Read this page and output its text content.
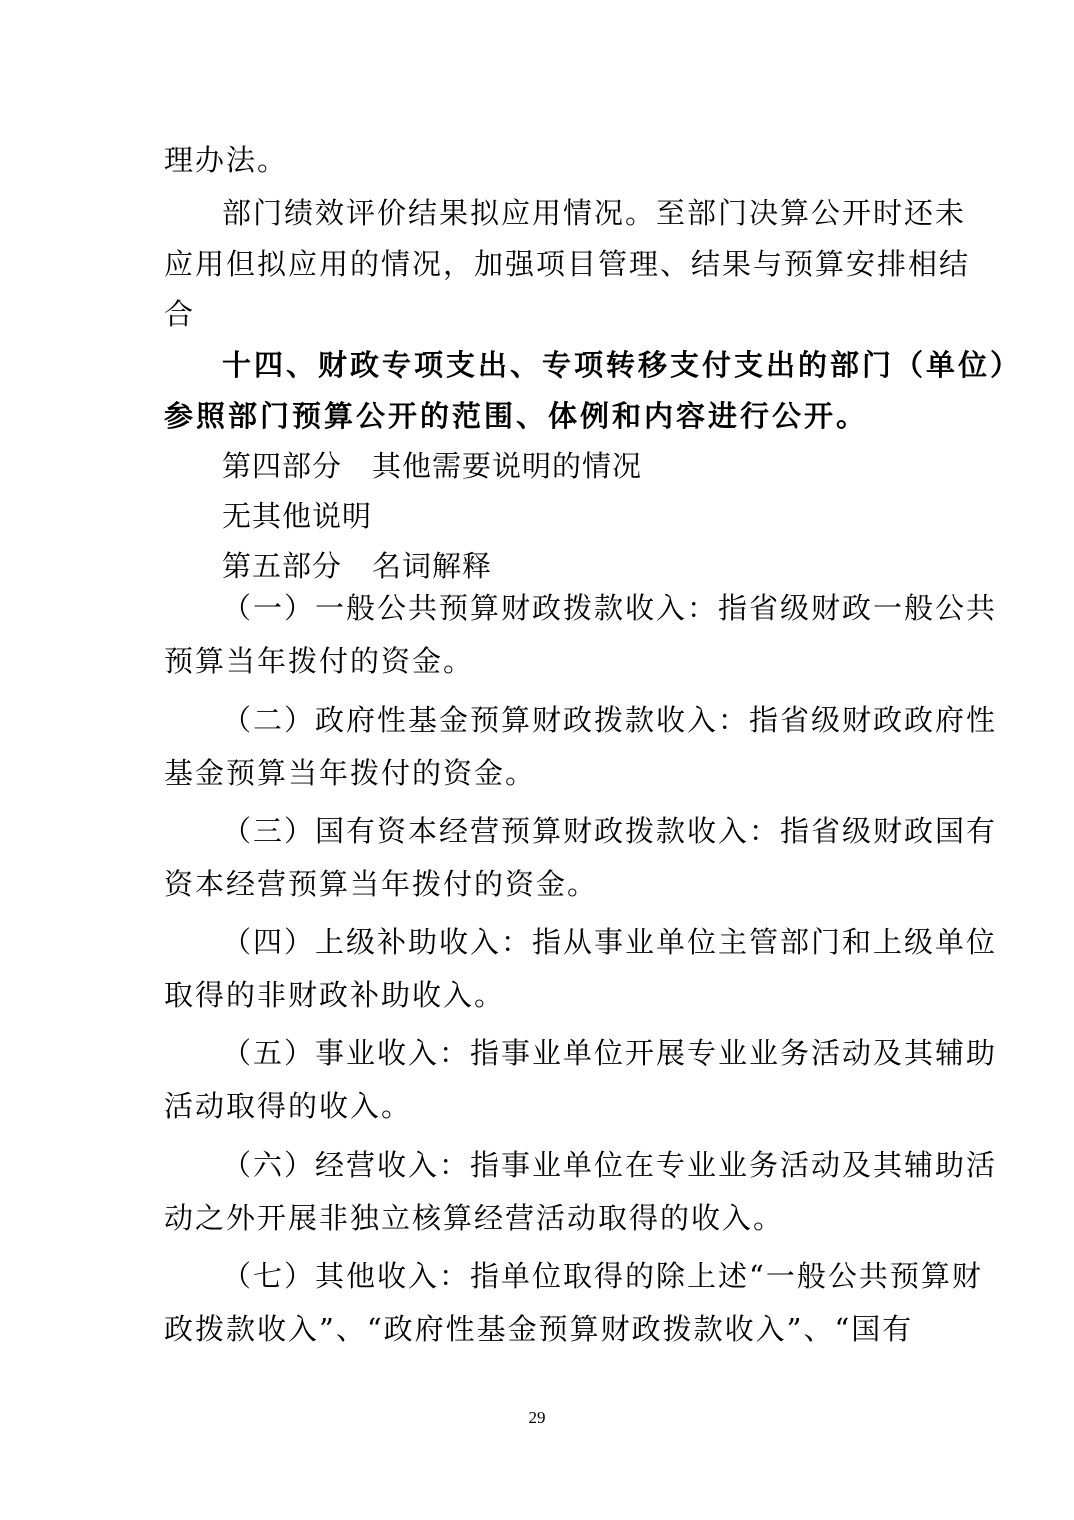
理办法。
部门绩效评价结果拟应用情况。至部门决算公开时还未
应用但拟应用的情况，加强项目管理、结果与预算安排相结
合
十四、财政专项支出、专项转移支付支出的部门（单位）
参照部门预算公开的范围、体例和内容进行公开。
第四部分　其他需要说明的情况
无其他说明
第五部分　名词解释
（一）一般公共预算财政拨款收入：指省级财政一般公共
预算当年拨付的资金。
（二）政府性基金预算财政拨款收入：指省级财政政府性
基金预算当年拨付的资金。
（三）国有资本经营预算财政拨款收入：指省级财政国有
资本经营预算当年拨付的资金。
（四）上级补助收入：指从事业单位主管部门和上级单位
取得的非财政补助收入。
（五）事业收入：指事业单位开展专业业务活动及其辅助
活动取得的收入。
（六）经营收入：指事业单位在专业业务活动及其辅助活
动之外开展非独立核算经营活动取得的收入。
（七）其他收入：指单位取得的除上述“一般公共预算财
政拨款收入”、“政府性基金预算财政拨款收入”、“国有
29
